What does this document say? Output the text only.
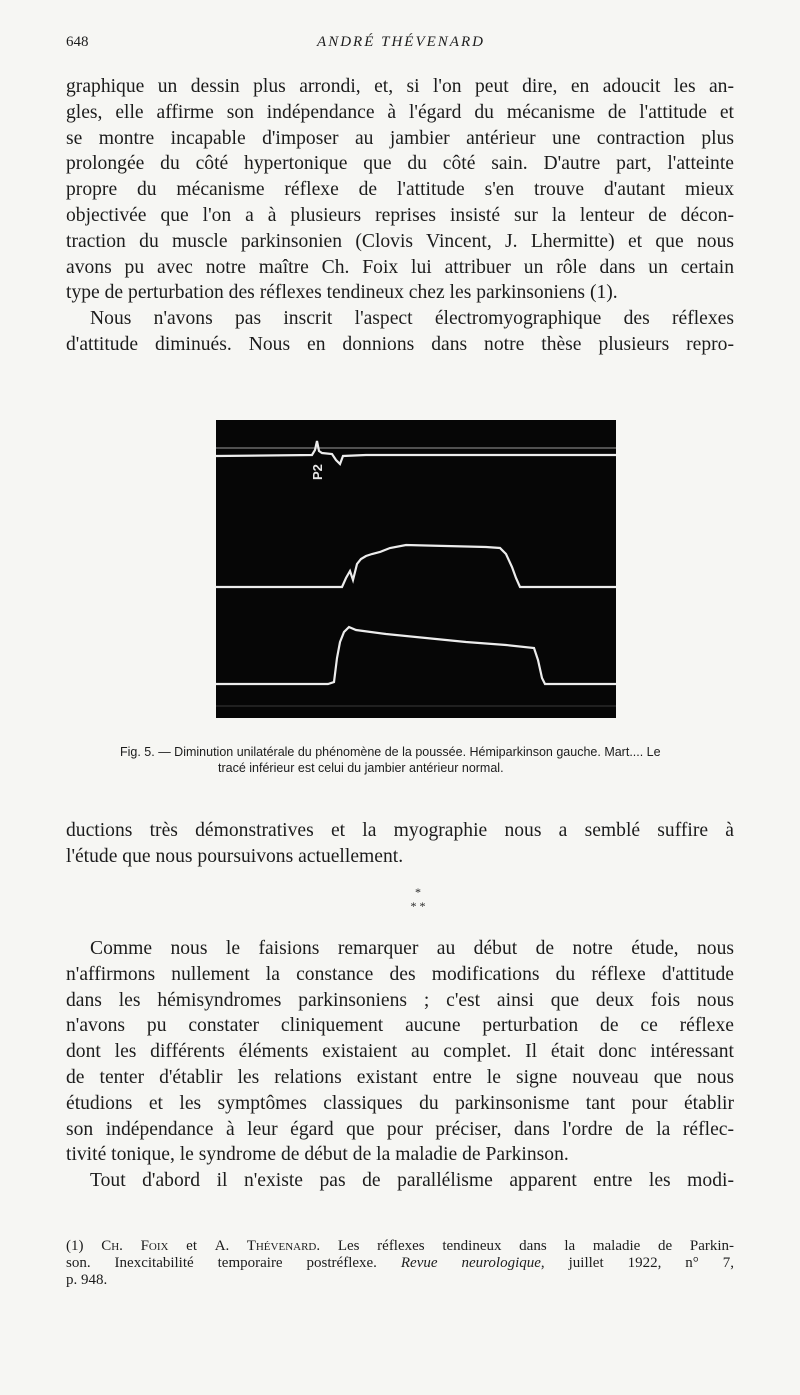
648	ANDRÉ THÉVENARD

graphique un dessin plus arrondi, et, si l'on peut dire, en adoucit les an-
gles, elle affirme son indépendance à l'égard du mécanisme de l'attitude et
se montre incapable d'imposer au jambier antérieur une contraction plus
prolongée du côté hypertonique que du côté sain. D'autre part, l'atteinte
propre du mécanisme réflexe de l'attitude s'en trouve d'autant mieux
objectivée que l'on a à plusieurs reprises insisté sur la lenteur de décon-
traction du muscle parkinsonien (Clovis Vincent, J. Lhermitte) et que nous
avons pu avec notre maître Ch. Foix lui attribuer un rôle dans un certain
type de perturbation des réflexes tendineux chez les parkinsoniens (1).

Nous n'avons pas inscrit l'aspect électromyographique des réflexes
d'attitude diminués. Nous en donnions dans notre thèse plusieurs repro-

P2
Fig. 5. — Diminution unilatérale du phénomène de la poussée. Hémiparkinson gauche. Mart.... Le
tracé inférieur est celui du jambier antérieur normal.

ductions très démonstratives et la myographie nous a semblé suffire à
l'étude que nous poursuivons actuellement.

*
* *

Comme nous le faisions remarquer au début de notre étude, nous
n'affirmons nullement la constance des modifications du réflexe d'attitude
dans les hémisyndromes parkinsoniens ; c'est ainsi que deux fois nous
n'avons pu constater cliniquement aucune perturbation de ce réflexe
dont les différents éléments existaient au complet. Il était donc intéressant
de tenter d'établir les relations existant entre le signe nouveau que nous
étudions et les symptômes classiques du parkinsonisme tant pour établir
son indépendance à leur égard que pour préciser, dans l'ordre de la réflec-
tivité tonique, le syndrome de début de la maladie de Parkinson.

Tout d'abord il n'existe pas de parallélisme apparent entre les modi-

(1) Ch. Foix et A. Thévenard. Les réflexes tendineux dans la maladie de Parkin-
son. Inexcitabilité temporaire postréflexe. Revue neurologique, juillet 1922, n° 7,
p. 948.
